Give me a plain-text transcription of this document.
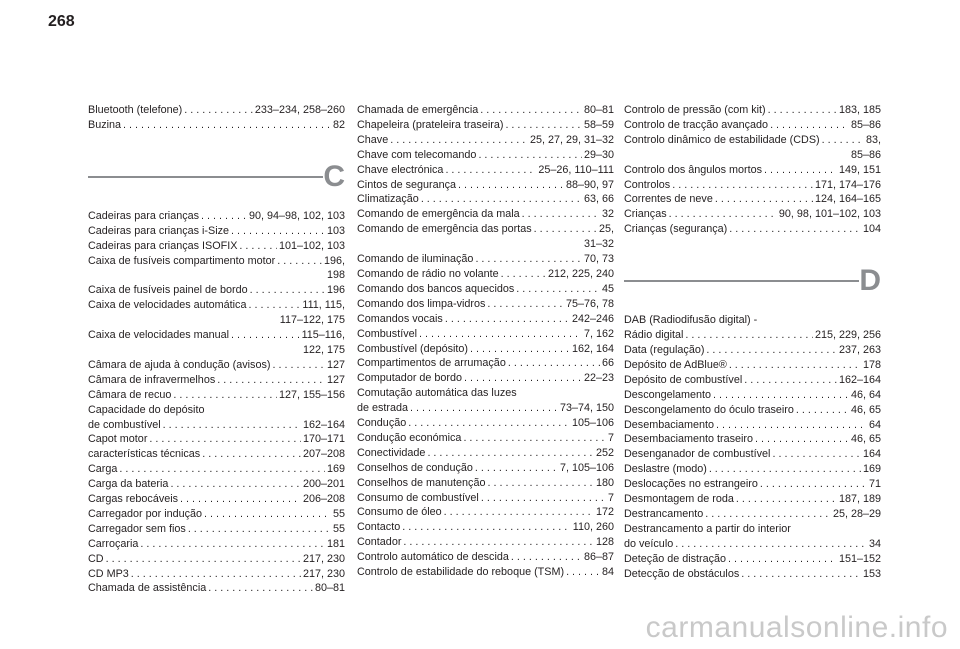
268
Bluetooth (telefone) . . .	233–234, 258–260
Buzina . . .	82
C
Cadeiras para crianças . . .	90, 94–98, 102, 103
Cadeiras para crianças i-Size . . .	103
Cadeiras para crianças ISOFIX . . .	101–102, 103
Caixa de fusíveis compartimento motor . . .	196,
198
Caixa de fusíveis painel de bordo . . .	196
Caixa de velocidades automática . . .	111, 115,
117–122, 175
Caixa de velocidades manual . . .	115–116,
122, 175
Câmara de ajuda à condução (avisos) . . .	127
Câmara de infravermelhos . . .	127
Câmara de recuo . . .	127, 155–156
Capacidade do depósito
de combustível . . .	162–164
Capot motor . . .	170–171
características técnicas . . .	207–208
Carga . . .	169
Carga da bateria . . .	200–201
Cargas rebocáveis . . .	206–208
Carregador por indução . . .	55
Carregador sem fios . . .	55
Carroçaria . . .	181
CD . . .	217, 230
CD MP3 . . .	217, 230
Chamada de assistência . . .	80–81
Chamada de emergência . . .	80–81
Chapeleira (prateleira traseira) . . .	58–59
Chave . . .	25, 27, 29, 31–32
Chave com telecomando . . .	29–30
Chave electrónica . . .	25–26, 110–111
Cintos de segurança . . .	88–90, 97
Climatização . . .	63, 66
Comando de emergência da mala . . .	32
Comando de emergência das portas . . .	25,
31–32
Comando de iluminação . . .	70, 73
Comando de rádio no volante . . .	212, 225, 240
Comando dos bancos aquecidos . . .	45
Comando dos limpa-vidros . . .	75–76, 78
Comandos vocais . . .	242–246
Combustível . . .	7, 162
Combustível (depósito) . . .	162, 164
Compartimentos de arrumação . . .	66
Computador de bordo . . .	22–23
Comutação automática das luzes
de estrada . . .	73–74, 150
Condução . . .	105–106
Condução económica . . .	7
Conectividade . . .	252
Conselhos de condução . . .	7, 105–106
Conselhos de manutenção . . .	180
Consumo de combustível . . .	7
Consumo de óleo . . .	172
Contacto . . .	110, 260
Contador . . .	128
Controlo automático de descida . . .	86–87
Controlo de estabilidade do reboque (TSM) . . .	84
Controlo de pressão (com kit) . . .	183, 185
Controlo de tracção avançado . . .	85–86
Controlo dinâmico de estabilidade (CDS) . . .	83,
85–86
Controlo dos ângulos mortos . . .	149, 151
Controlos . . .	171, 174–176
Correntes de neve . . .	124, 164–165
Crianças . . .	90, 98, 101–102, 103
Crianças (segurança) . . .	104
D
DAB (Radiodifusão digital) -
Rádio digital . . .	215, 229, 256
Data (regulação) . . .	237, 263
Depósito de AdBlue® . . .	178
Depósito de combustível . . .	162–164
Descongelamento . . .	46, 64
Descongelamento do óculo traseiro . . .	46, 65
Desembaciamento . . .	64
Desembaciamento traseiro . . .	46, 65
Desenganador de combustível . . .	164
Deslastre (modo) . . .	169
Deslocações no estrangeiro . . .	71
Desmontagem de roda . . .	187, 189
Destrancamento . . .	25, 28–29
Destrancamento a partir do interior
do veículo . . .	34
Deteção de distração . . .	151–152
Detecção de obstáculos . . .	153
carmanualsonline.info
